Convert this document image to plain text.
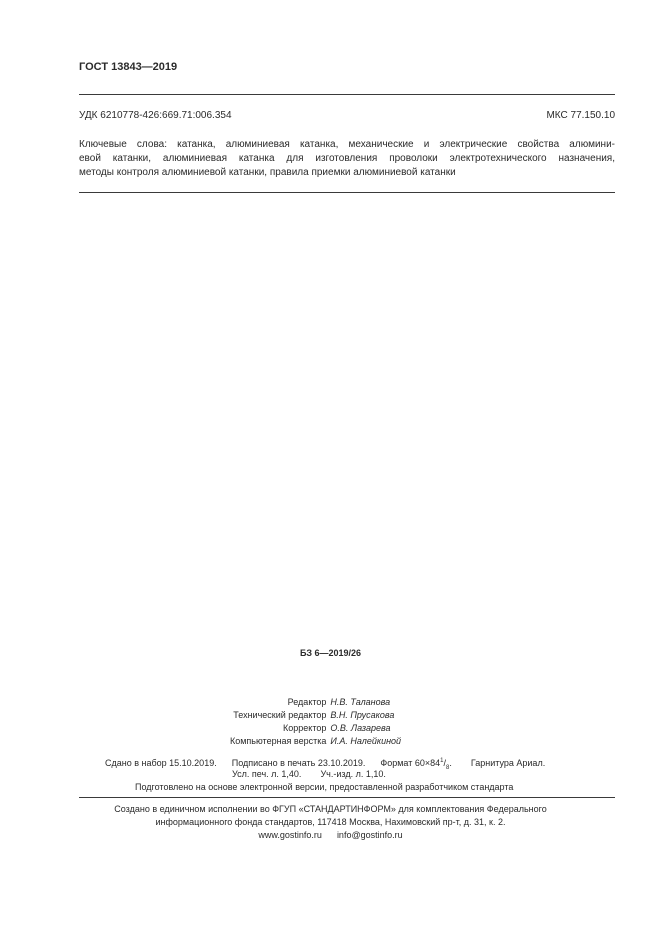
ГОСТ 13843—2019
УДК 6210778-426:669.71:006.354	МКС 77.150.10
Ключевые слова: катанка, алюминиевая катанка, механические и электрические свойства алюмини-
евой катанки, алюминиевая катанка для изготовления проволоки электротехнического назначения,
методы контроля алюминиевой катанки, правила приемки алюминиевой катанки
БЗ 6—2019/26
Редактор Н.В. Таланова
Технический редактор В.Н. Прусакова
Корректор О.В. Лазарева
Компьютерная верстка И.А. Налейкиной
Сдано в набор 15.10.2019. Подписано в печать 23.10.2019. Формат $60\times 84^1/_8$. Гарнитура Ариал.
Усл. печ. л. 1,40. Уч.-изд. л. 1,10.
Подготовлено на основе электронной версии, предоставленной разработчиком стандарта
Создано в единичном исполнении во ФГУП «СТАНДАРТИНФОРМ» для комплектования Федерального
информационного фонда стандартов, 117418 Москва, Нахимовский пр-т, д. 31, к. 2.
www.gostinfo.ru info@gostinfo.ru
